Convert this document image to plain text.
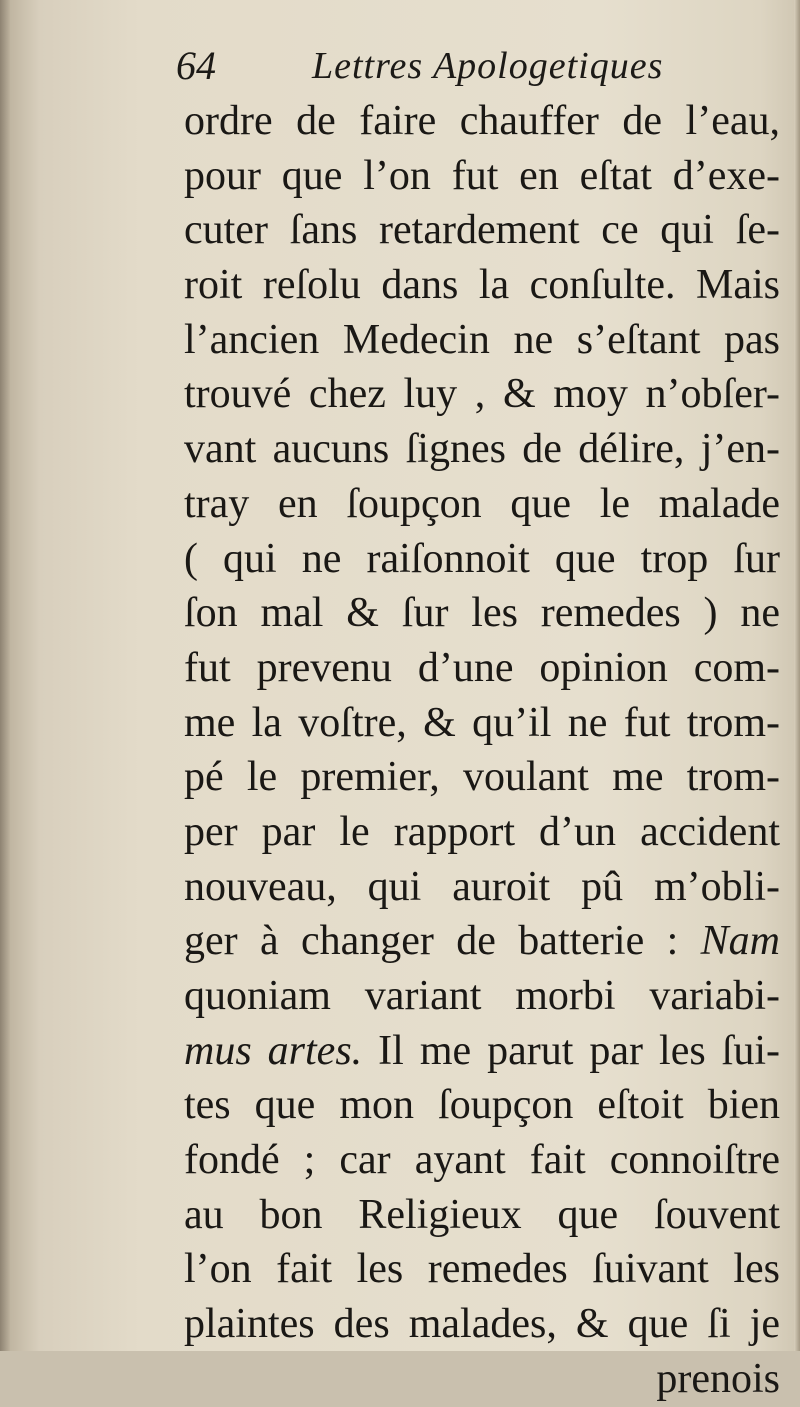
64	Lettres Apologetiques
ordre de faire chauffer de l’eau,
pour que l’on fut en eſtat d’exe-
cuter ſans retardement ce qui ſe-
roit reſolu dans la conſulte. Mais
l’ancien Medecin ne s’eſtant pas
trouvé chez luy , & moy n’obſer-
vant aucuns ſignes de délire, j’en-
tray en ſoupçon que le malade
( qui ne raiſonnoit que trop ſur
ſon mal & ſur les remedes ) ne
fut prevenu d’une opinion com-
me la voſtre, & qu’il ne fut trom-
pé le premier, voulant me trom-
per par le rapport d’un accident
nouveau, qui auroit pû m’obli-
ger à changer de batterie : Nam
quoniam variant morbi variabi-
mus artes. Il me parut par les ſui-
tes que mon ſoupçon eſtoit bien
fondé ; car ayant fait connoiſtre
au bon Religieux que ſouvent
l’on fait les remedes ſuivant les
plaintes des malades, & que ſi je
prenois
